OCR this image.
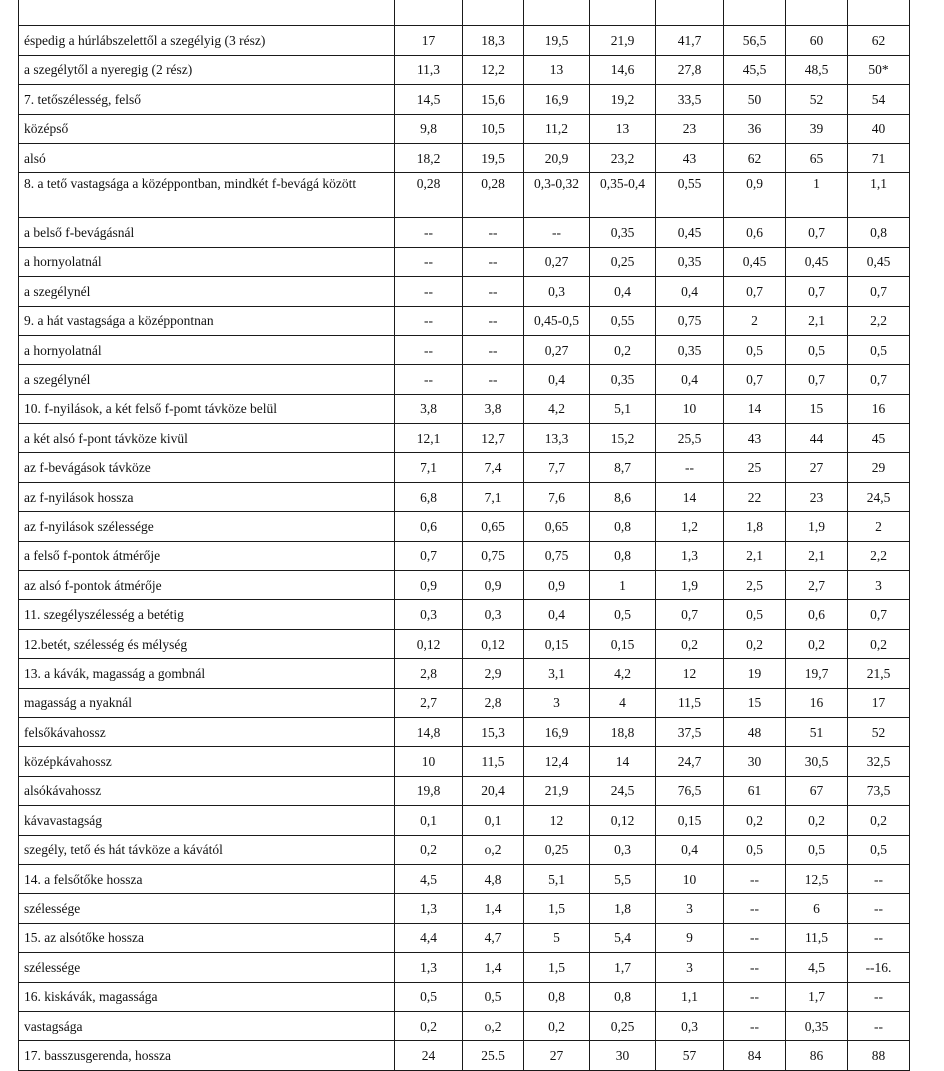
éspedig a húrlábszelettől a szegélyig (3 rész)	17	18,3	19,5	21,9	41,7	56,5	60	62
a szegélytől a nyeregig (2 rész)	11,3	12,2	13	14,6	27,8	45,5	48,5	50*
7. tetőszélesség, felső	14,5	15,6	16,9	19,2	33,5	50	52	54
középső	9,8	10,5	11,2	13	23	36	39	40
alsó	18,2	19,5	20,9	23,2	43	62	65	71
8. a tető vastagsága a középpontban, mindkét f-bevágá között	0,28	0,28	0,3-0,32	0,35-0,4	0,55	0,9	1	1,1
a belső f-bevágásnál	--	--	--	0,35	0,45	0,6	0,7	0,8
a hornyolatnál	--	--	0,27	0,25	0,35	0,45	0,45	0,45
a szegélynél	--	--	0,3	0,4	0,4	0,7	0,7	0,7
9. a hát vastagsága a középpontnan	--	--	0,45-0,5	0,55	0,75	2	2,1	2,2
a hornyolatnál	--	--	0,27	0,2	0,35	0,5	0,5	0,5
a szegélynél	--	--	0,4	0,35	0,4	0,7	0,7	0,7
10. f-nyilások, a két felső f-pomt távköze belül	3,8	3,8	4,2	5,1	10	14	15	16
a két alsó f-pont távköze kivül	12,1	12,7	13,3	15,2	25,5	43	44	45
az f-bevágások távköze	7,1	7,4	7,7	8,7	--	25	27	29
az f-nyilások hossza	6,8	7,1	7,6	8,6	14	22	23	24,5
az f-nyilások szélessége	0,6	0,65	0,65	0,8	1,2	1,8	1,9	2
a felső f-pontok átmérője	0,7	0,75	0,75	0,8	1,3	2,1	2,1	2,2
az alsó f-pontok átmérője	0,9	0,9	0,9	1	1,9	2,5	2,7	3
11. szegélyszélesség a betétig	0,3	0,3	0,4	0,5	0,7	0,5	0,6	0,7
12.betét, szélesség és mélység	0,12	0,12	0,15	0,15	0,2	0,2	0,2	0,2
13. a kávák, magasság a gombnál	2,8	2,9	3,1	4,2	12	19	19,7	21,5
magasság a nyaknál	2,7	2,8	3	4	11,5	15	16	17
felsőkávahossz	14,8	15,3	16,9	18,8	37,5	48	51	52
középkávahossz	10	11,5	12,4	14	24,7	30	30,5	32,5
alsókávahossz	19,8	20,4	21,9	24,5	76,5	61	67	73,5
kávavastagság	0,1	0,1	12	0,12	0,15	0,2	0,2	0,2
szegély, tető és hát távköze a kávától	0,2	o,2	0,25	0,3	0,4	0,5	0,5	0,5
14. a felsőtőke hossza	4,5	4,8	5,1	5,5	10	--	12,5	--
szélessége	1,3	1,4	1,5	1,8	3	--	6	--
15. az alsótőke hossza	4,4	4,7	5	5,4	9	--	11,5	--
szélessége	1,3	1,4	1,5	1,7	3	--	4,5	--16.
16. kiskávák, magassága	0,5	0,5	0,8	0,8	1,1	--	1,7	--
vastagsága	0,2	o,2	0,2	0,25	0,3	--	0,35	--
17. basszusgerenda, hossza	24	25.5	27	30	57	84	86	88
